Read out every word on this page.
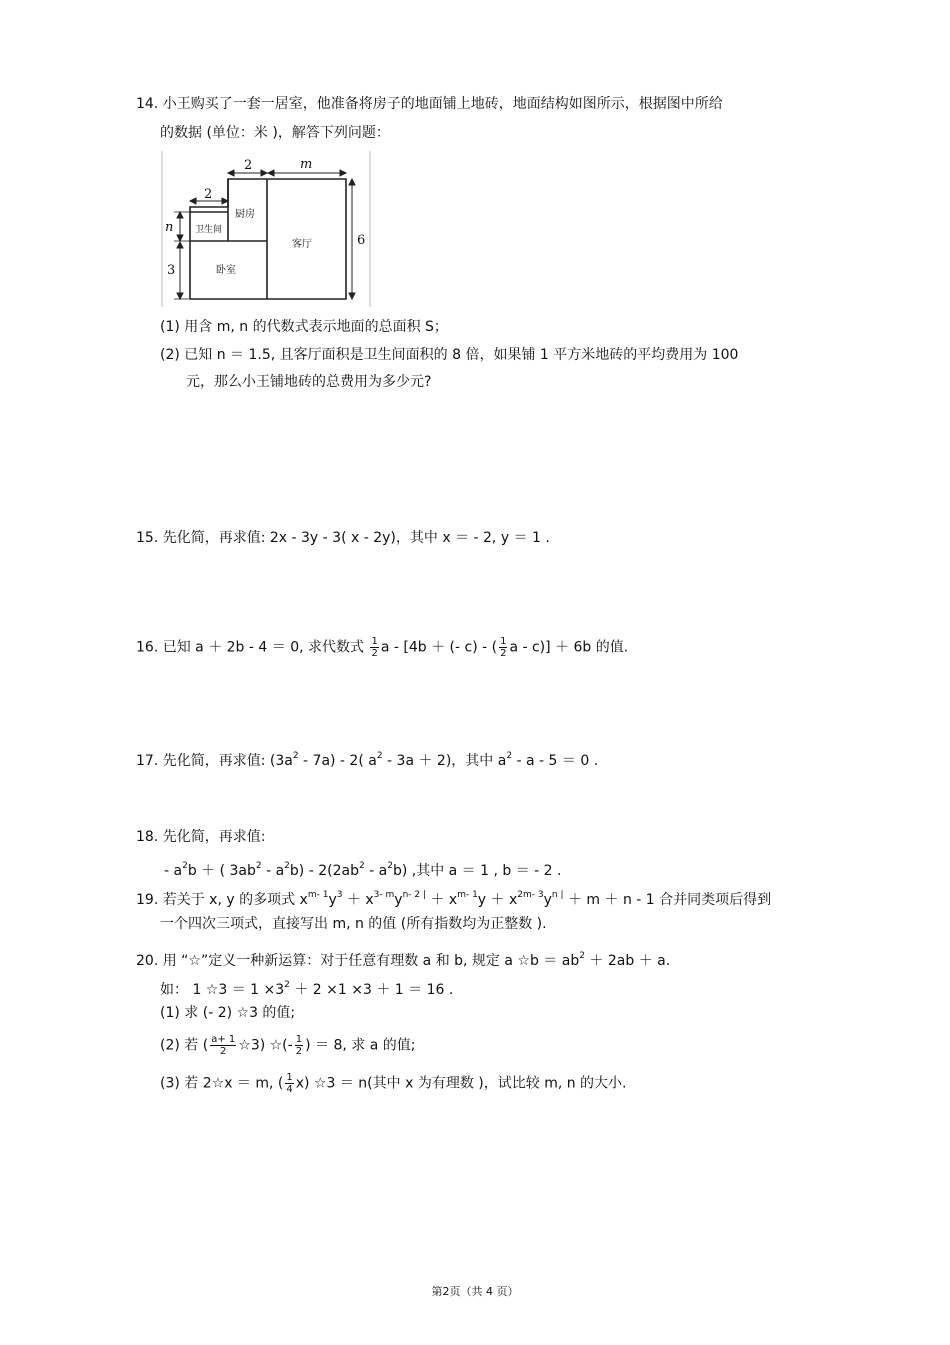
14. 小王购买了一套一居室，他准备将房子的地面铺上地砖，地面结构如图所示，根据图中所给
的数据 (单位：米 )，解答下列问题：
2	m
2
n
3
6
卫生间
厨房
客厅
卧室
(1) 用含 m, n 的代数式表示地面的总面积 S；
(2) 已知 n ＝ 1.5, 且客厅面积是卫生间面积的 8 倍，如果铺 1 平方米地砖的平均费用为 100
元，那么小王铺地砖的总费用为多少元?
15. 先化简，再求值: 2x - 3y - 3( x - 2y)，其中 x ＝ - 2, y ＝ 1 .
16. 已知 a ＋ 2b - 4 ＝ 0, 求代数式 $\frac{1}{2}$ a - [4b ＋ (- c) - ( $\frac{1}{2}$ a - c)] ＋ 6b 的值.
17. 先化简，再求值: $(3a^2 - 7a) - 2$( $a^2 - 3a + 2$)，其中 $a^2 - a - 5 = 0$ .
18. 先化简，再求值:
- $a^2b$ ＋ ( $3ab^2 - a^2b) - 2(2ab^2 - a^2b)$ ,其中 a ＝ 1 , b ＝ - 2 .
19. 若关于 x, y 的多项式 $x^{m- 1}y^3 + x^{3- m}y^{n- 2 |} + x^{m- 1}y + x^{2m- 3}y^{n |} + m + n - 1$ 合并同类项后得到
一个四次三项式，直接写出 m, n 的值 (所有指数均为正整数 ).
20. 用 “☆”定义一种新运算：对于任意有理数 a 和 b, 规定 a ☆b ＝ $ab^2 + 2ab + a$.
如： 1 ☆3 ＝ $1 \times 3^2 + 2 \times 1 \times 3 + 1 = 16$ .
(1) 求 (- 2) ☆3 的值;
(2) 若 ( $\frac{a+ 1}{2}$ ☆3) ☆(- $\frac{1}{2}$ ) ＝ 8, 求 a 的值;
(3) 若 2☆x ＝ m, ( $\frac{1}{4} x$) ☆3 ＝ n(其中 x 为有理数 )，试比较 m, n 的大小.
第2页（共 4 页）
